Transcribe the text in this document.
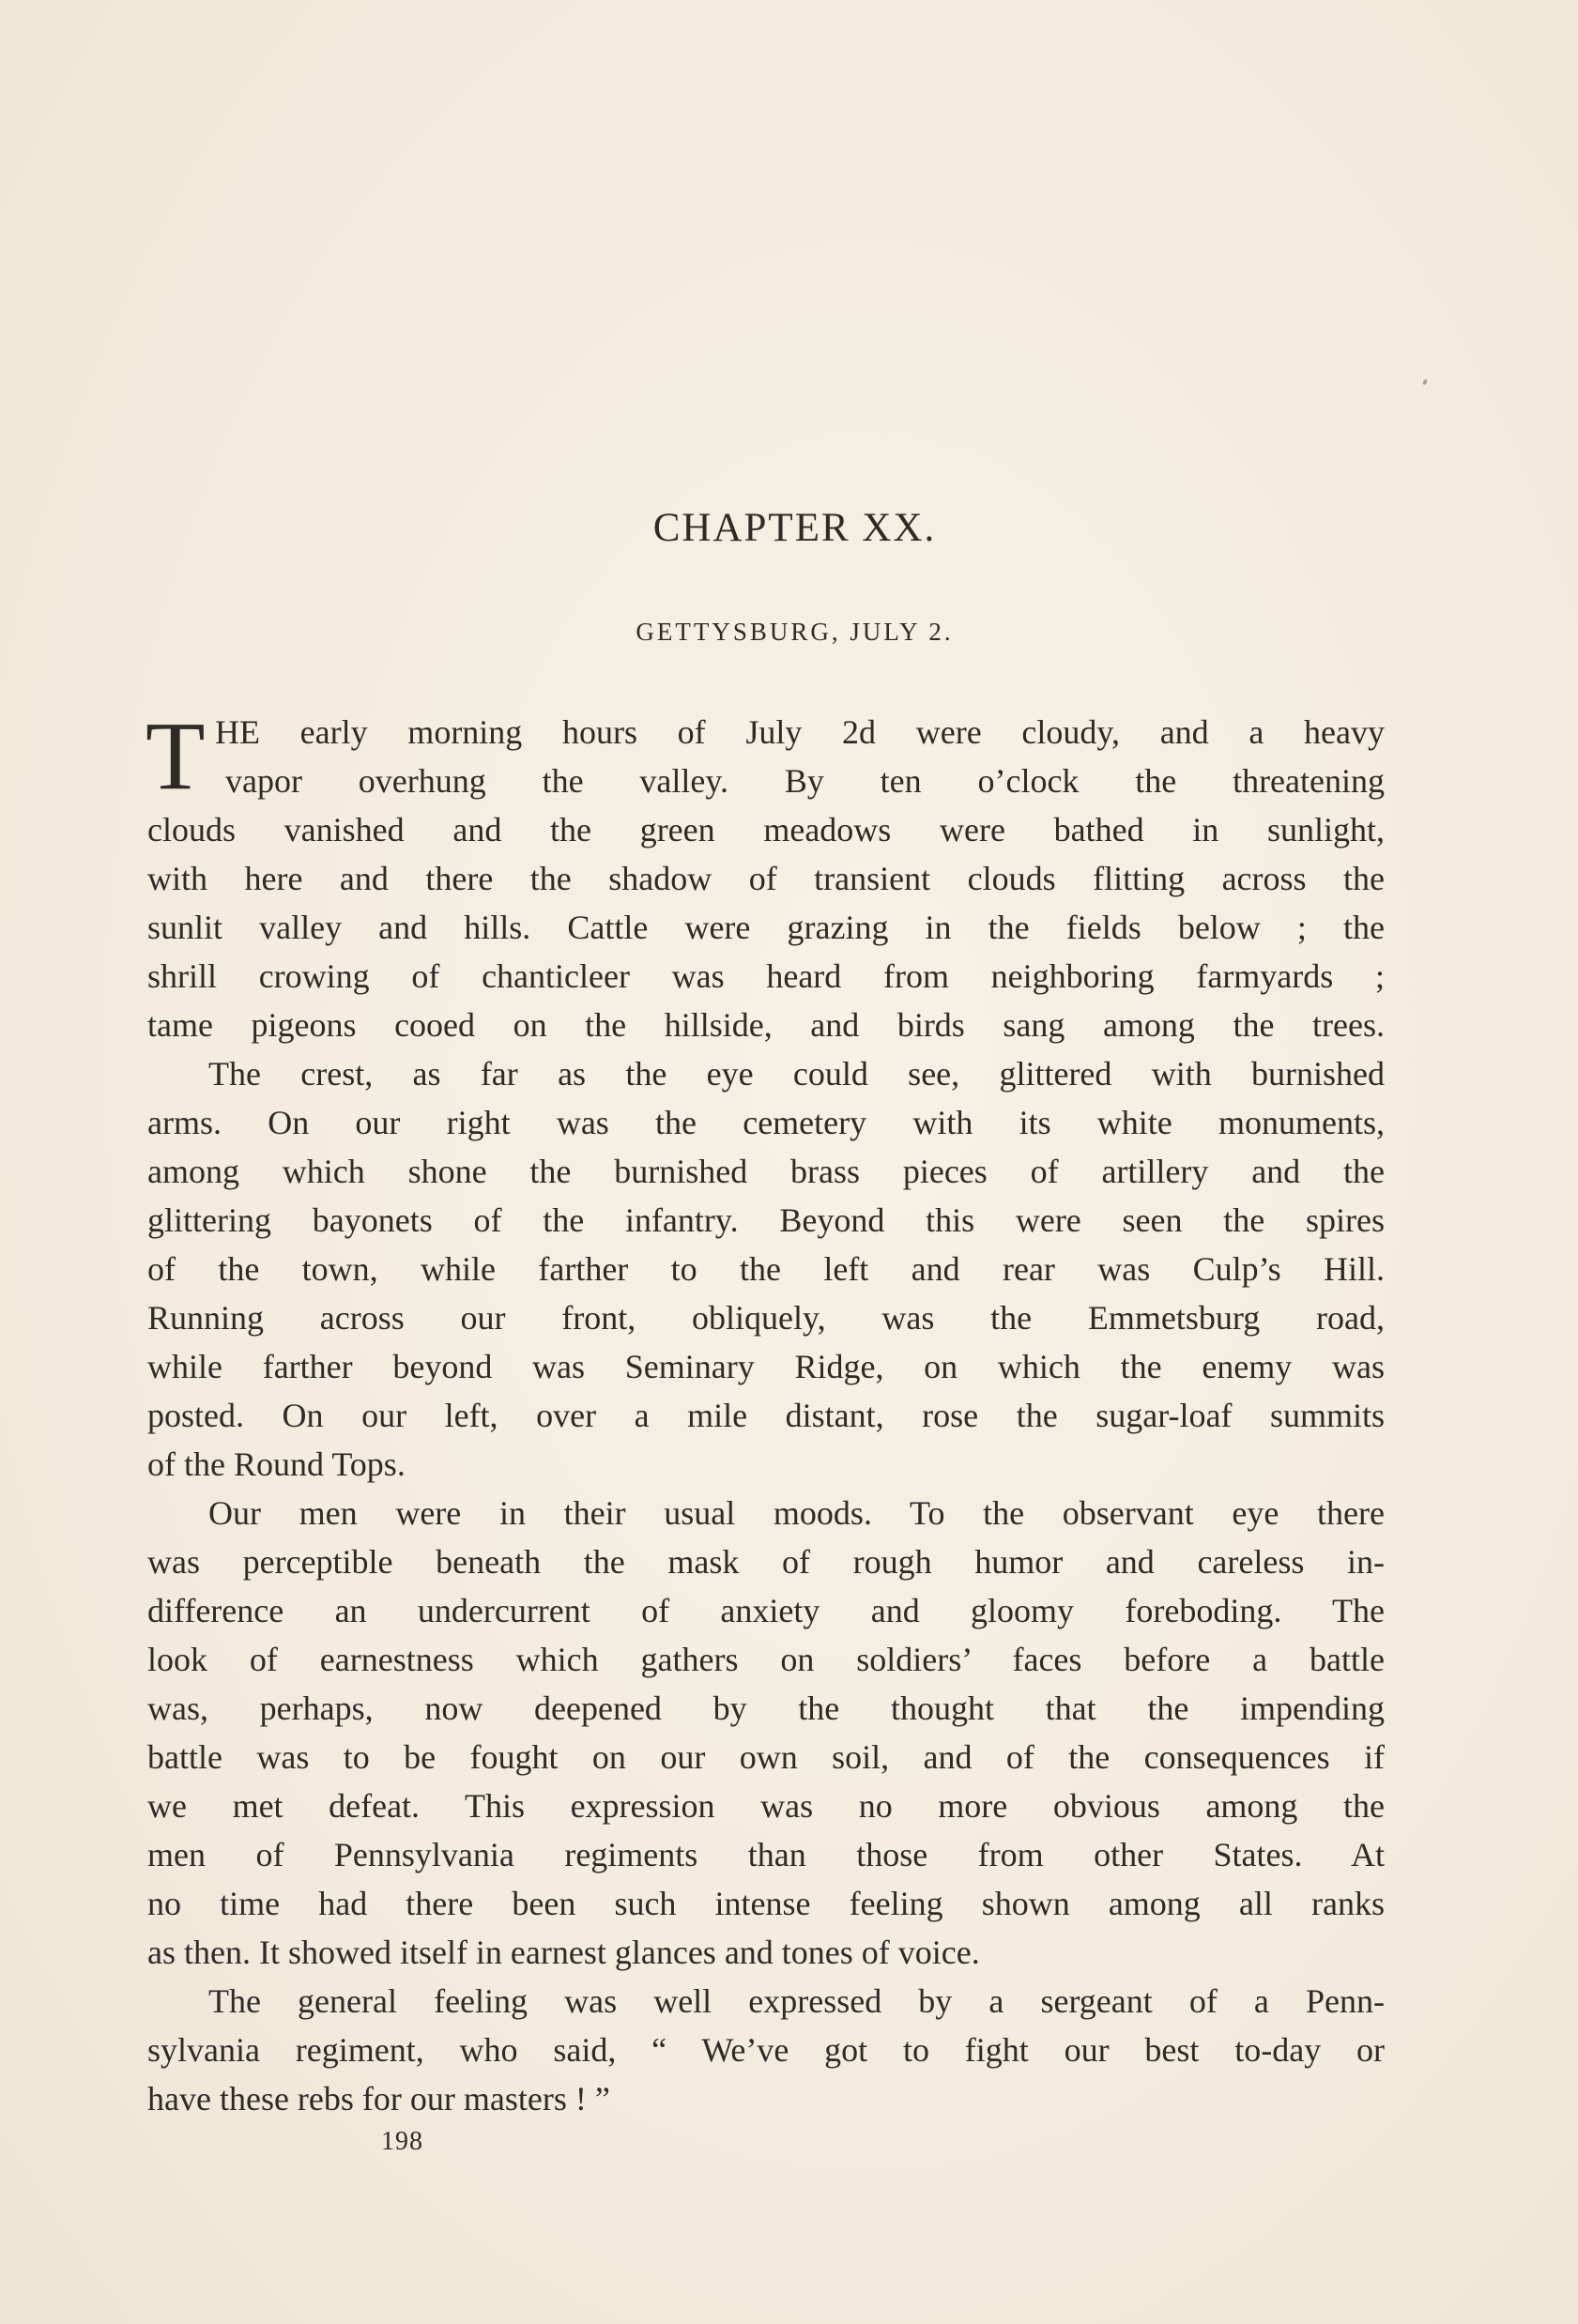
CHAPTER XX.
GETTYSBURG, JULY 2.
T HE early morning hours of July 2d were cloudy, and a heavy
vapor overhung the valley. By ten o’clock the threatening
clouds vanished and the green meadows were bathed in sunlight,
with here and there the shadow of transient clouds flitting across the
sunlit valley and hills. Cattle were grazing in the fields below ; the
shrill crowing of chanticleer was heard from neighboring farmyards ;
tame pigeons cooed on the hillside, and birds sang among the trees.
The crest, as far as the eye could see, glittered with burnished
arms. On our right was the cemetery with its white monuments,
among which shone the burnished brass pieces of artillery and the
glittering bayonets of the infantry. Beyond this were seen the spires
of the town, while farther to the left and rear was Culp’s Hill.
Running across our front, obliquely, was the Emmetsburg road,
while farther beyond was Seminary Ridge, on which the enemy was
posted. On our left, over a mile distant, rose the sugar-loaf summits
of the Round Tops.
Our men were in their usual moods. To the observant eye there
was perceptible beneath the mask of rough humor and careless in-
difference an undercurrent of anxiety and gloomy foreboding. The
look of earnestness which gathers on soldiers’ faces before a battle
was, perhaps, now deepened by the thought that the impending
battle was to be fought on our own soil, and of the consequences if
we met defeat. This expression was no more obvious among the
men of Pennsylvania regiments than those from other States. At
no time had there been such intense feeling shown among all ranks
as then. It showed itself in earnest glances and tones of voice.
The general feeling was well expressed by a sergeant of a Penn-
sylvania regiment, who said, “ We’ve got to fight our best to-day or
have these rebs for our masters ! ”
198
